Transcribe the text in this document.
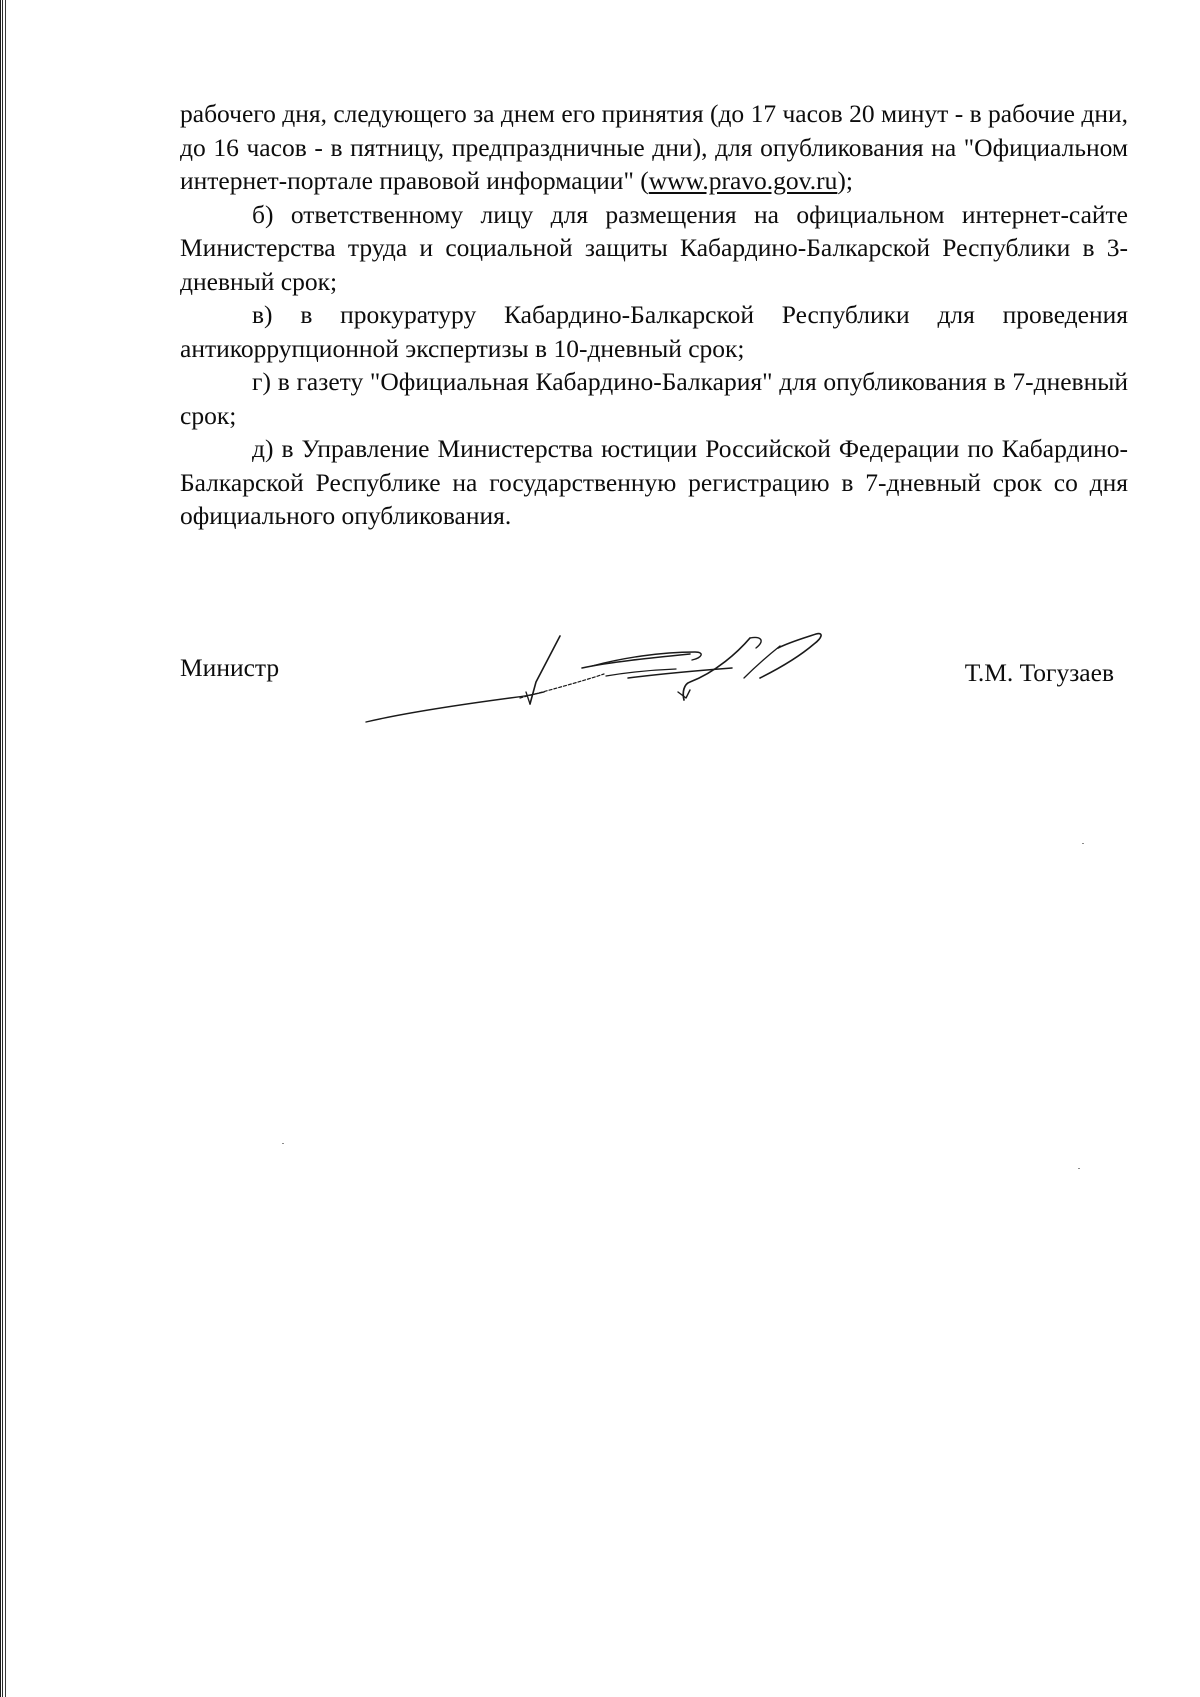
рабочего дня, следующего за днем его принятия (до 17 часов 20 минут - в рабочие дни, до 16 часов - в пятницу, предпраздничные дни), для опубликования на "Официальном интернет-портале правовой информации" (www.pravo.gov.ru);

б) ответственному лицу для размещения на официальном интернет-сайте Министерства труда и социальной защиты Кабардино-Балкарской Республики в 3-дневный срок;

в) в прокуратуру Кабардино-Балкарской Республики для проведения антикоррупционной экспертизы в 10-дневный срок;

г) в газету "Официальная Кабардино-Балкария" для опубликования в 7-дневный срок;

д) в Управление Министерства юстиции Российской Федерации по Кабардино-Балкарской Республике на государственную регистрацию в 7-дневный срок со дня официального опубликования.

Министр	Т.М. Тогузаев
